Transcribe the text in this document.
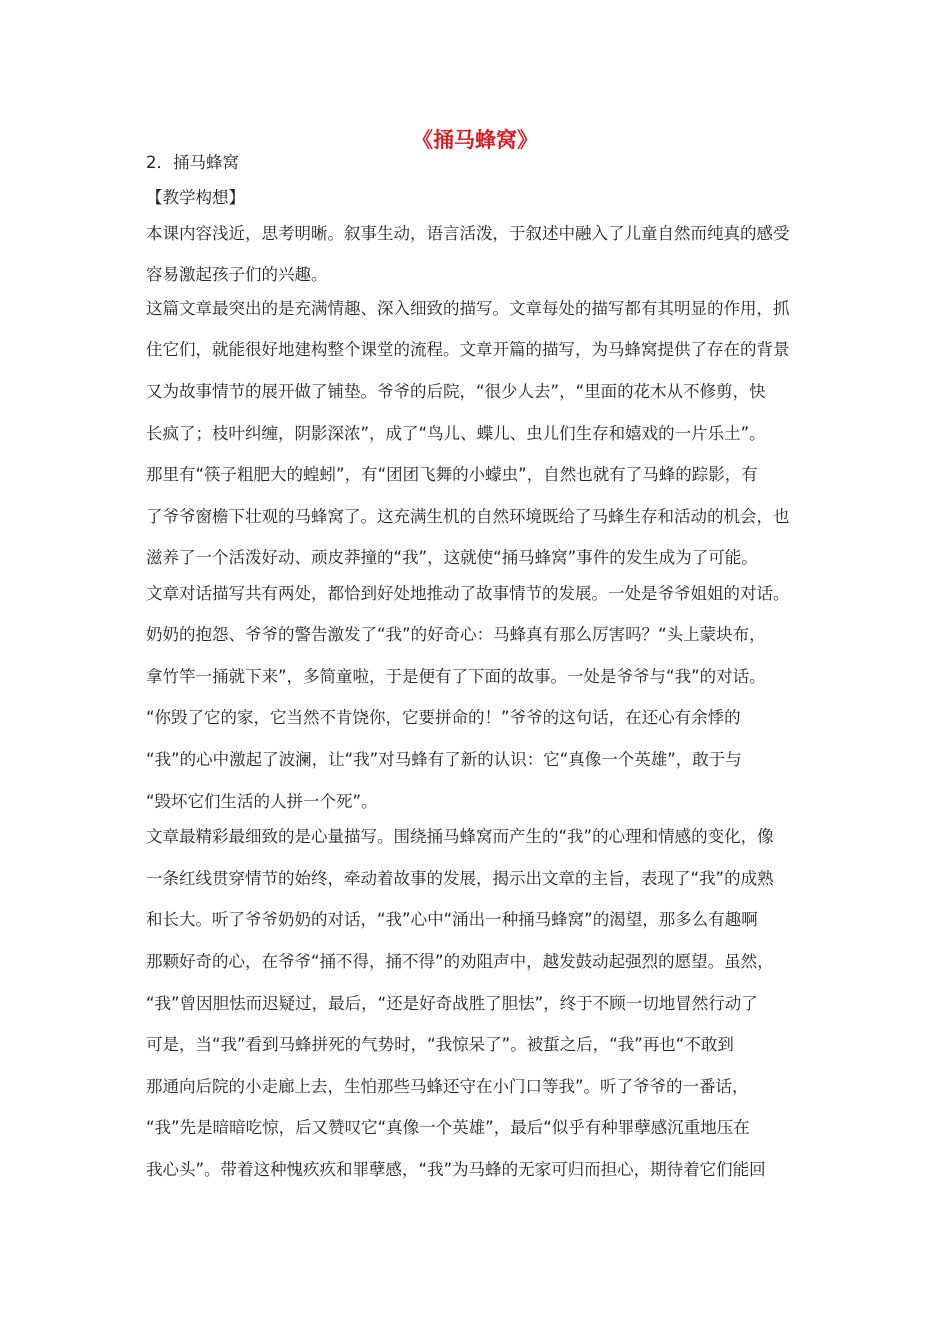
《捅马蜂窝》

2．捅马蜂窝

【教学构想】

本课内容浅近，思考明晰。叙事生动，语言活泼，于叙述中融入了儿童自然而纯真的感受

容易激起孩子们的兴趣。

这篇文章最突出的是充满情趣、深入细致的描写。文章每处的描写都有其明显的作用，抓

住它们，就能很好地建构整个课堂的流程。文章开篇的描写，为马蜂窝提供了存在的背景

又为故事情节的展开做了铺垫。爷爷的后院，“很少人去”，“里面的花木从不修剪，快

长疯了；枝叶纠缠，阴影深浓”，成了“鸟儿、蝶儿、虫儿们生存和嬉戏的一片乐土”。

那里有“筷子粗肥大的蝗蚓”，有“团团飞舞的小蠓虫”，自然也就有了马蜂的踪影，有

了爷爷窗檐下壮观的马蜂窝了。这充满生机的自然环境既给了马蜂生存和活动的机会，也

滋养了一个活泼好动、顽皮莽撞的“我”，这就使“捅马蜂窝”事件的发生成为了可能。

文章对话描写共有两处，都恰到好处地推动了故事情节的发展。一处是爷爷姐姐的对话。

奶奶的抱怨、爷爷的警告激发了“我”的好奇心：马蜂真有那么厉害吗？“头上蒙块布，

拿竹竿一捅就下来”，多简童啦，于是便有了下面的故事。一处是爷爷与“我”的对话。

“你毁了它的家，它当然不肯饶你，它要拼命的！”爷爷的这句话，在还心有余悸的

“我”的心中激起了波澜，让“我”对马蜂有了新的认识：它“真像一个英雄”，敢于与

“毁坏它们生活的人拼一个死”。

文章最精彩最细致的是心量描写。围绕捅马蜂窝而产生的“我”的心理和情感的变化，像

一条红线贯穿情节的始终，牵动着故事的发展，揭示出文章的主旨，表现了“我”的成熟

和长大。听了爷爷奶奶的对话，“我”心中“涌出一种捅马蜂窝”的渴望，那多么有趣啊

那颗好奇的心，在爷爷“捅不得，捅不得”的劝阻声中，越发鼓动起强烈的愿望。虽然，

“我”曾因胆怯而迟疑过，最后，“还是好奇战胜了胆怯”，终于不顾一切地冒然行动了

可是，当“我”看到马蜂拼死的气势时，“我惊呆了”。被蜇之后，“我”再也“不敢到

那通向后院的小走廊上去，生怕那些马蜂还守在小门口等我”。听了爷爷的一番话，

“我”先是暗暗吃惊，后又赞叹它“真像一个英雄”，最后“似乎有种罪孽感沉重地压在

我心头”。带着这种愧疚疚和罪孽感，“我”为马蜂的无家可归而担心，期待着它们能回
